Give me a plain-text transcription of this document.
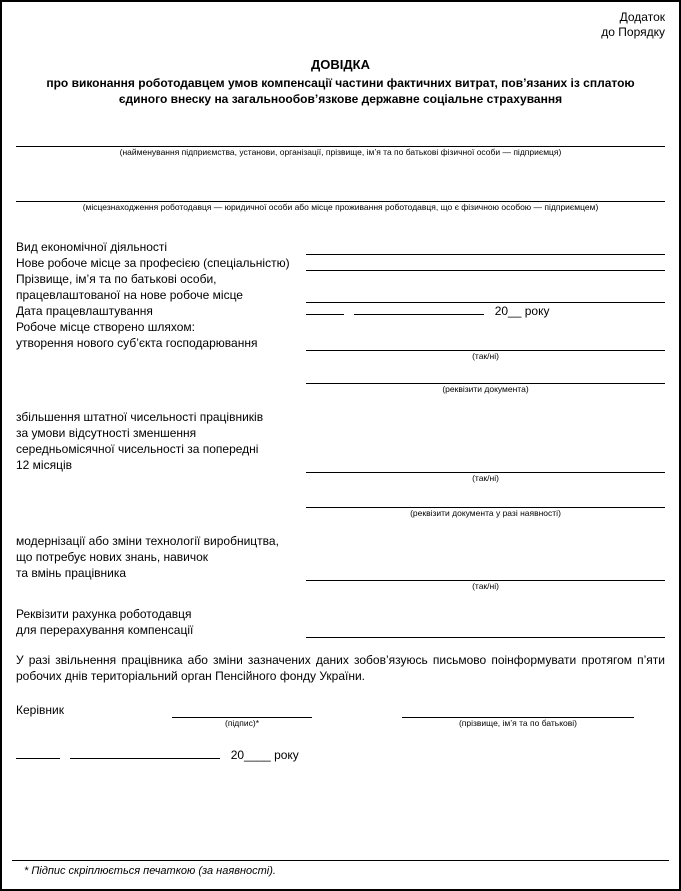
Додаток
до Порядку
ДОВІДКА
про виконання роботодавцем умов компенсації частини фактичних витрат, пов’язаних із сплатою єдиного внеску на загальнообов’язкове державне соціальне страхування
(найменування підприємства, установи, організації, прізвище, ім’я та по батькові фізичної особи — підприємця)
(місцезнаходження роботодавця — юридичної особи або місце проживання роботодавця, що є фізичною особою — підприємцем)
Вид економічної діяльності
Нове робоче місце за професією (спеціальністю)
Прізвище, ім’я та по батькові особи,
працевлаштованої на нове робоче місце
Дата працевлаштування	20__ року
Робоче місце створено шляхом:
утворення нового суб’єкта господарювання
(так/ні)
(реквізити документа)
збільшення штатної чисельності працівників
за умови відсутності зменшення
середньомісячної чисельності за попередні
12 місяців
(так/ні)
(реквізити документа у разі наявності)
модернізації або зміни технології виробництва,
що потребує нових знань, навичок
та вмінь працівника
(так/ні)
Реквізити рахунка роботодавця
для перерахування компенсації
У разі звільнення працівника або зміни зазначених даних зобов’язуюсь письмово поінформувати протягом п’яти робочих днів територіальний орган Пенсійного фонду України.
Керівник
(підпис)*	(прізвище, ім’я та по батькові)
20____ року
* Підпис скріплюється печаткою (за наявності).
